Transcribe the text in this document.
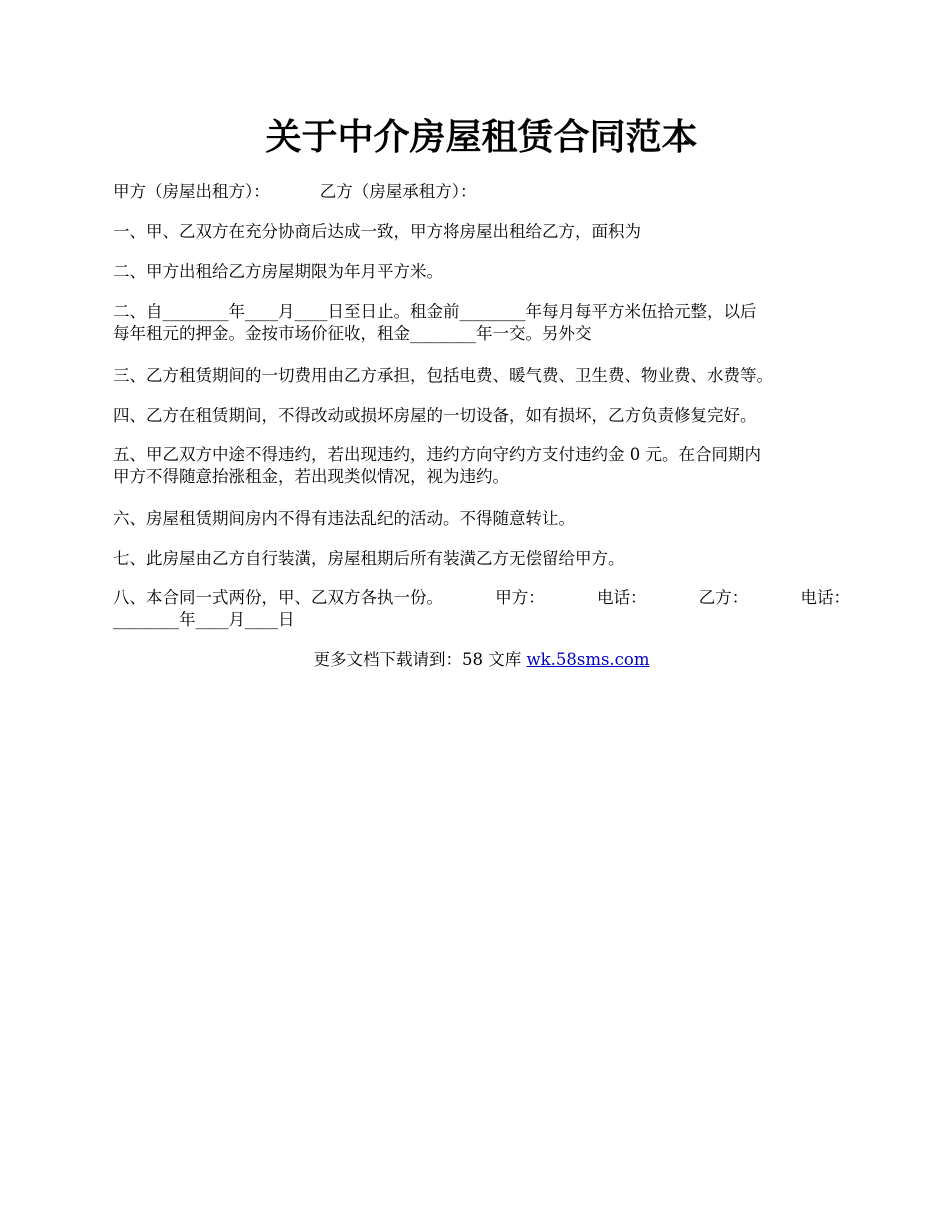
关于中介房屋租赁合同范本
甲方（房屋出租方）：	乙方（房屋承租方）：
一、甲、乙双方在充分协商后达成一致，甲方将房屋出租给乙方，面积为
二、甲方出租给乙方房屋期限为年月平方米。
二、自________年____月____日至日止。租金前________年每月每平方米伍拾元整，以后
每年租元的押金。金按市场价征收，租金________年一交。另外交
三、乙方租赁期间的一切费用由乙方承担，包括电费、暖气费、卫生费、物业费、水费等。
四、乙方在租赁期间，不得改动或损坏房屋的一切设备，如有损坏，乙方负责修复完好。
五、甲乙双方中途不得违约，若出现违约，违约方向守约方支付违约金 0 元。在合同期内
甲方不得随意抬涨租金，若出现类似情况，视为违约。
六、房屋租赁期间房内不得有违法乱纪的活动。不得随意转让。
七、此房屋由乙方自行装潢，房屋租期后所有装潢乙方无偿留给甲方。
八、本合同一式两份，甲、乙双方各执一份。	甲方：	电话：	乙方：	电话：
________年____月____日
更多文档下载请到：58 文库 wk.58sms.com
